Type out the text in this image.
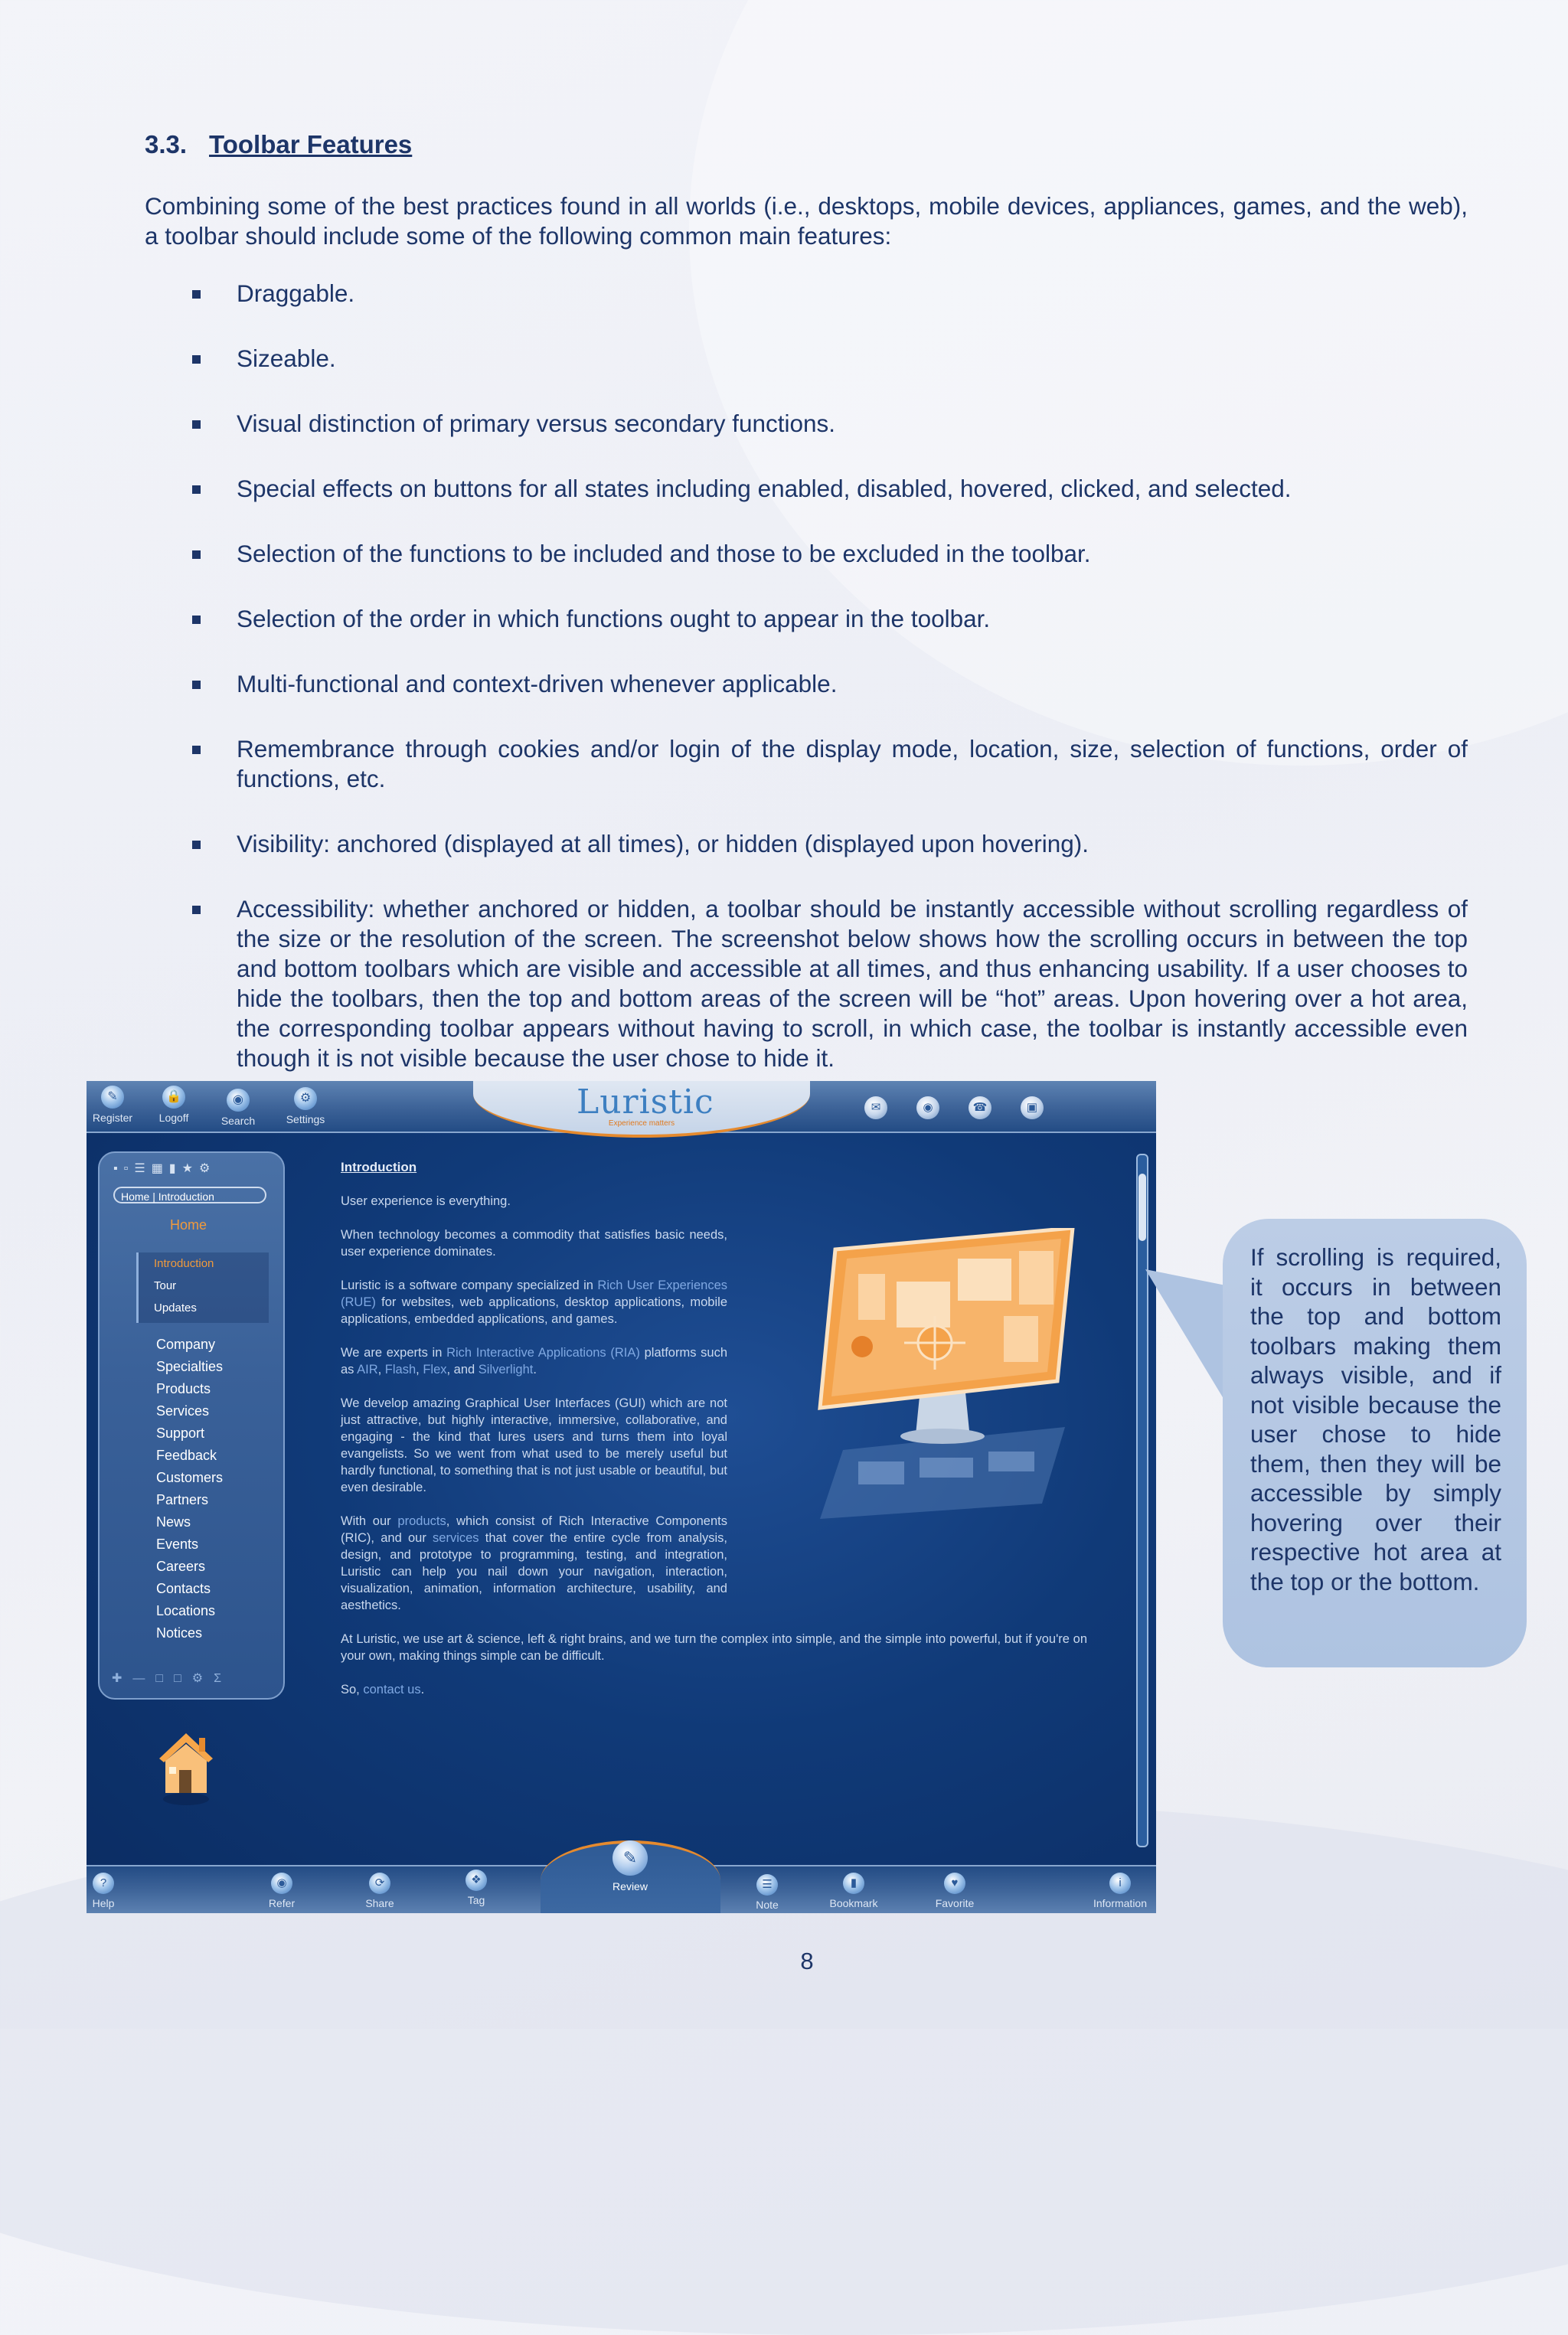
3.3. Toolbar Features
Combining some of the best practices found in all worlds (i.e., desktops, mobile devices, appliances, games, and the web), a toolbar should include some of the following common main features:
Draggable.
Sizeable.
Visual distinction of primary versus secondary functions.
Special effects on buttons for all states including enabled, disabled, hovered, clicked, and selected.
Selection of the functions to be included and those to be excluded in the toolbar.
Selection of the order in which functions ought to appear in the toolbar.
Multi-functional and context-driven whenever applicable.
Remembrance through cookies and/or login of the display mode, location, size, selection of functions, order of functions, etc.
Visibility: anchored (displayed at all times), or hidden (displayed upon hovering).
Accessibility: whether anchored or hidden, a toolbar should be instantly accessible without scrolling regardless of the size or the resolution of the screen. The screenshot below shows how the scrolling occurs in between the top and bottom toolbars which are visible and accessible at all times, and thus enhancing usability. If a user chooses to hide the toolbars, then the top and bottom areas of the screen will be “hot” areas. Upon hovering over a hot area, the corresponding toolbar appears without having to scroll, in which case, the toolbar is instantly accessible even though it is not visible because the user chose to hide it.
Luristic
Experience matters
✎
Register
🔒
Logoff
◉
Search
⚙
Settings
✉	◉	☎	▣
▪▫☰▦▮★⚙
Home | Introduction
Home
Introduction
Tour
Updates
Company
Specialties
Products
Services
Support
Feedback
Customers
Partners
News
Events
Careers
Contacts
Locations
Notices
✚—□□⚙Σ

Introduction

User experience is everything.

When technology becomes a commodity that satisfies basic needs, user experience dominates.

Luristic is a software company specialized in Rich User Experiences (RUE) for websites, web applications, desktop applications, mobile applications, embedded applications, and games.

We are experts in Rich Interactive Applications (RIA) platforms such as AIR, Flash, Flex, and Silverlight.

We develop amazing Graphical User Interfaces (GUI) which are not just attractive, but highly interactive, immersive, collaborative, and engaging - the kind that lures users and turns them into loyal evangelists. So we went from what used to be merely useful but hardly functional, to something that is not just usable or beautiful, but even desirable.

With our products, which consist of Rich Interactive Components (RIC), and our services that cover the entire cycle from analysis, design, and prototype to programming, testing, and integration, Luristic can help you nail down your navigation, interaction, visualization, animation, information architecture, usability, and aesthetics.

At Luristic, we use art & science, left & right brains, and we turn the complex into simple, and the simple into powerful, but if you're on your own, making things simple can be difficult.

So, contact us.

✎
Review
?
Help
◉
Refer
⟳
Share
❖
Tag
☰
Note
▮
Bookmark
♥
Favorite
i
Information
If scrolling is required, it occurs in between the top and bottom toolbars making them always visible, and if not visible because the user chose to hide them, then they will be accessible by simply hovering over their respective hot area at the top or the bottom.
8
